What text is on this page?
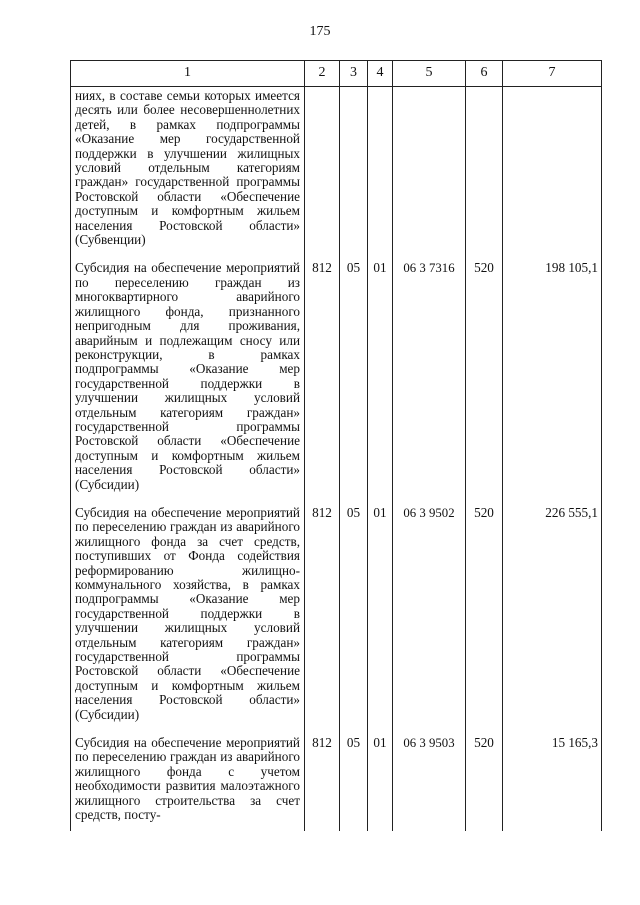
175
1	2	3	4	5	6	7
ниях, в составе семьи которых имеется десять или более несовершеннолетних детей, в рамках подпрограммы «Оказание мер государственной поддержки в улучшении жилищных условий отдельным категориям граждан» государственной программы Ростовской области «Обеспечение доступным и комфортным жильем населения Ростовской области» (Субвенции)						
Субсидия на обеспечение мероприятий по переселению граждан из многоквартирного аварийного жилищного фонда, признанного непригодным для проживания, аварийным и подлежащим сносу или реконструкции, в рамках подпрограммы «Оказание мер государственной поддержки в улучшении жилищных условий отдельным категориям граждан» государственной программы Ростовской области «Обеспечение доступным и комфортным жильем населения Ростовской области» (Субсидии)	812	05	01	06 3 7316	520	198 105,1
Субсидия на обеспечение мероприятий по переселению граждан из аварийного жилищного фонда за счет средств, поступивших от Фонда содействия реформированию жилищно-коммунального хозяйства, в рамках подпрограммы «Оказание мер государственной поддержки в улучшении жилищных условий отдельным категориям граждан» государственной программы Ростовской области «Обеспечение доступным и комфортным жильем населения Ростовской области» (Субсидии)	812	05	01	06 3 9502	520	226 555,1
Субсидия на обеспечение мероприятий по переселению граждан из аварийного жилищного фонда с учетом необходимости развития малоэтажного жилищного строительства за счет средств, посту-	812	05	01	06 3 9503	520	15 165,3
